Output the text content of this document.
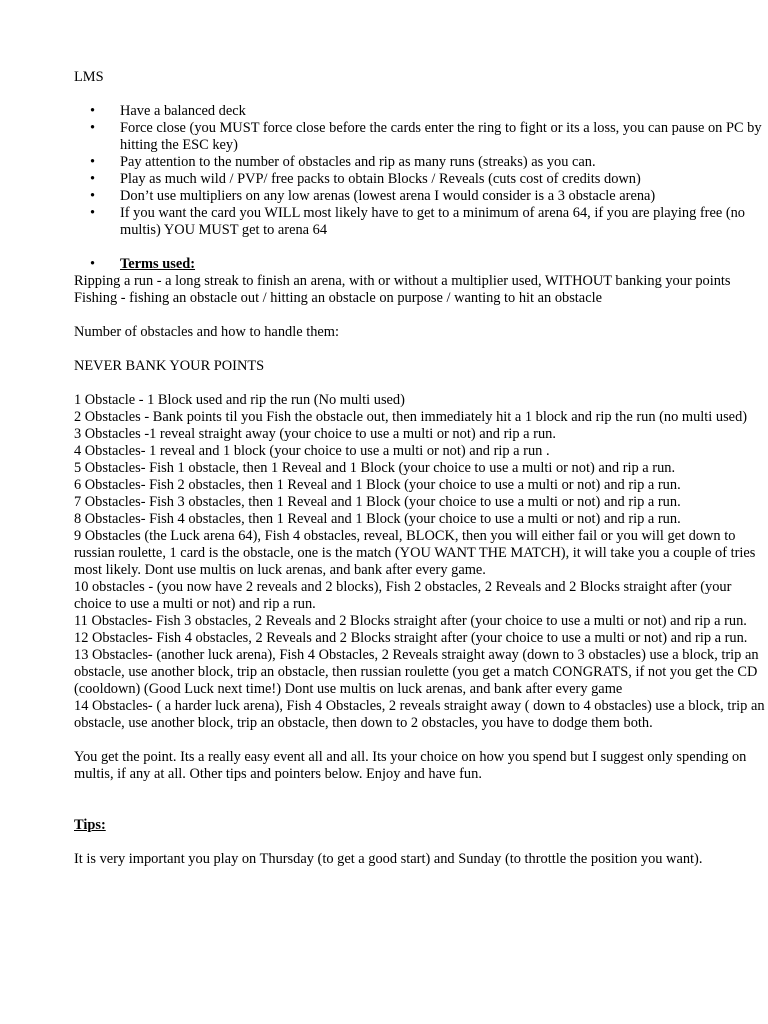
LMS

• Have a balanced deck
• Force close (you MUST force close before the cards enter the ring to fight or its a loss, you can pause on PC by hitting the ESC key)
• Pay attention to the number of obstacles and rip as many runs (streaks) as you can.
• Play as much wild / PVP/ free packs to obtain Blocks / Reveals (cuts cost of credits down)
• Don’t use multipliers on any low arenas (lowest arena I would consider is a 3 obstacle arena)
• If you want the card you WILL most likely have to get to a minimum of arena 64, if you are playing free (no multis) YOU MUST get to arena 64
• Terms used:

Ripping a run - a long streak to finish an arena, with or without a multiplier used, WITHOUT banking your points

Fishing - fishing an obstacle out / hitting an obstacle on purpose / wanting to hit an obstacle

Number of obstacles and how to handle them:

NEVER BANK YOUR POINTS

1 Obstacle - 1 Block used and rip the run (No multi used)

2 Obstacles - Bank points til you Fish the obstacle out, then immediately hit a 1 block and rip the run (no multi used)

3 Obstacles -1 reveal straight away (your choice to use a multi or not) and rip a run.

4 Obstacles- 1 reveal and 1 block (your choice to use a multi or not) and rip a run .

5 Obstacles- Fish 1 obstacle, then 1 Reveal and 1 Block (your choice to use a multi or not) and rip a run.

6 Obstacles- Fish 2 obstacles, then 1 Reveal and 1 Block (your choice to use a multi or not) and rip a run.

7 Obstacles- Fish 3 obstacles, then 1 Reveal and 1 Block (your choice to use a multi or not) and rip a run.

8 Obstacles- Fish 4 obstacles, then 1 Reveal and 1 Block (your choice to use a multi or not) and rip a run.

9 Obstacles (the Luck arena 64), Fish 4 obstacles, reveal, BLOCK, then you will either fail or you will get down to russian roulette, 1 card is the obstacle, one is the match (YOU WANT THE MATCH), it will take you a couple of tries most likely. Dont use multis on luck arenas, and bank after every game.

10 obstacles - (you now have 2 reveals and 2 blocks), Fish 2 obstacles, 2 Reveals and 2 Blocks straight after (your choice to use a multi or not) and rip a run.

11 Obstacles- Fish 3 obstacles, 2 Reveals and 2 Blocks straight after (your choice to use a multi or not) and rip a run.

12 Obstacles- Fish 4 obstacles, 2 Reveals and 2 Blocks straight after (your choice to use a multi or not) and rip a run.

13 Obstacles- (another luck arena), Fish 4 Obstacles, 2 Reveals straight away (down to 3 obstacles) use a block, trip an obstacle, use another block, trip an obstacle, then russian roulette (you get a match CONGRATS, if not you get the CD (cooldown) (Good Luck next time!) Dont use multis on luck arenas, and bank after every game

14 Obstacles- ( a harder luck arena), Fish 4 Obstacles, 2 reveals straight away ( down to 4 obstacles) use a block, trip an obstacle, use another block, trip an obstacle, then down to 2 obstacles, you have to dodge them both.

You get the point. Its a really easy event all and all. Its your choice on how you spend but I suggest only spending on multis, if any at all. Other tips and pointers below. Enjoy and have fun.

Tips:

It is very important you play on Thursday (to get a good start) and Sunday (to throttle the position you want).
